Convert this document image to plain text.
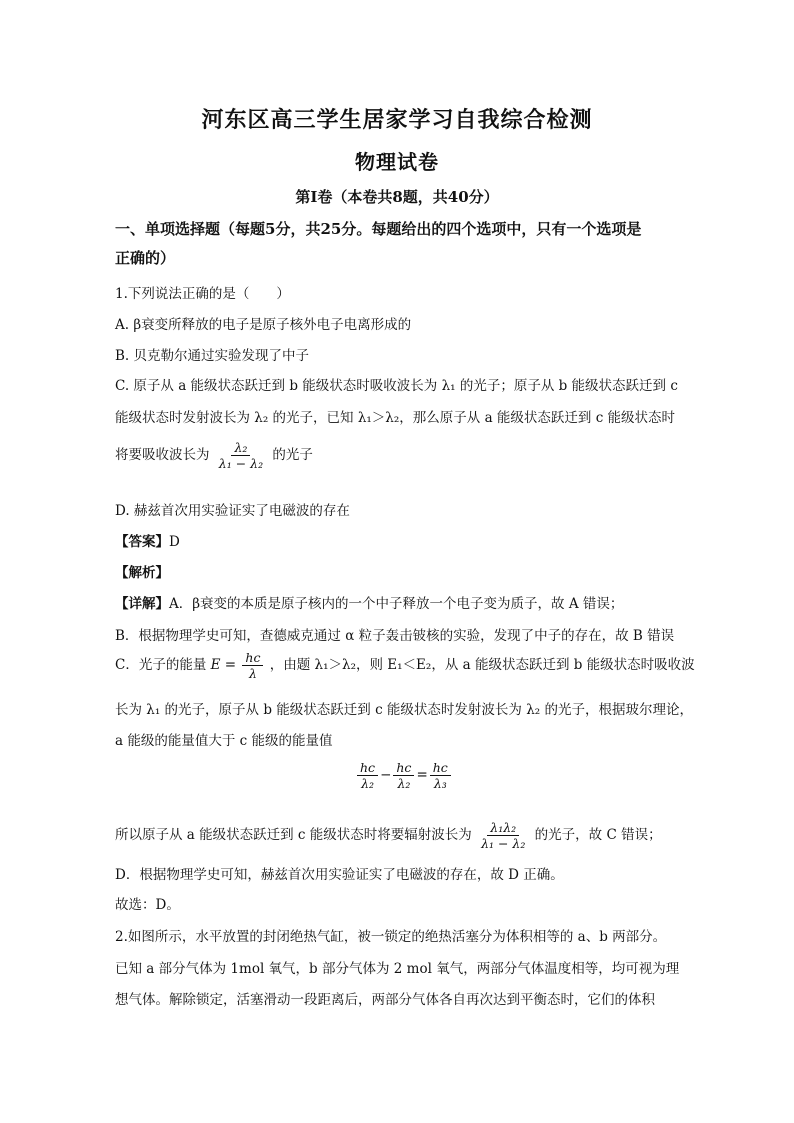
河东区高三学生居家学习自我综合检测
物理试卷
第Ⅰ卷（本卷共8题，共40分）
一、单项选择题（每题5分，共25分。每题给出的四个选项中，只有一个选项是
正确的）
1.下列说法正确的是（　　）
A. β衰变所释放的电子是原子核外电子电离形成的
B. 贝克勒尔通过实验发现了中子
C. 原子从 a 能级状态跃迁到 b 能级状态时吸收波长为 λ₁ 的光子；原子从 b 能级状态跃迁到 c
能级状态时发射波长为 λ₂ 的光子，已知 λ₁＞λ₂，那么原子从 a 能级状态跃迁到 c 能级状态时
将要吸收波长为 $\frac{\text{λ₂}}{\text{λ₁ − λ₂}}$ 的光子
D. 赫兹首次用实验证实了电磁波的存在
【答案】D
【解析】
【详解】A．β衰变的本质是原子核内的一个中子释放一个电子变为质子，故 A 错误；
B．根据物理学史可知，查德威克通过 α 粒子轰击铍核的实验，发现了中子的存在，故 B 错误
C．光子的能量 $E = \frac{hc}{\lambda}$ ，由题 λ₁＞λ₂，则 E₁＜E₂，从 a 能级状态跃迁到 b 能级状态时吸收波
长为 λ₁ 的光子，原子从 b 能级状态跃迁到 c 能级状态时发射波长为 λ₂ 的光子，根据玻尔理论，
a 能级的能量值大于 c 能级的能量值
$\frac{hc}{\text{λ₂}} - \frac{hc}{\text{λ₂}} = \frac{hc}{\text{λ₃}}$
所以原子从 a 能级状态跃迁到 c 能级状态时将要辐射波长为 $\frac{\text{λ₁λ₂}}{\text{λ₁ − λ₂}}$ 的光子，故 C 错误；
D．根据物理学史可知，赫兹首次用实验证实了电磁波的存在，故 D 正确。
故选：D。
2.如图所示，水平放置的封闭绝热气缸，被一锁定的绝热活塞分为体积相等的 a、b 两部分。
已知 a 部分气体为 1mol 氧气，b 部分气体为 2 mol 氧气，两部分气体温度相等，均可视为理
想气体。解除锁定，活塞滑动一段距离后，两部分气体各自再次达到平衡态时，它们的体积
